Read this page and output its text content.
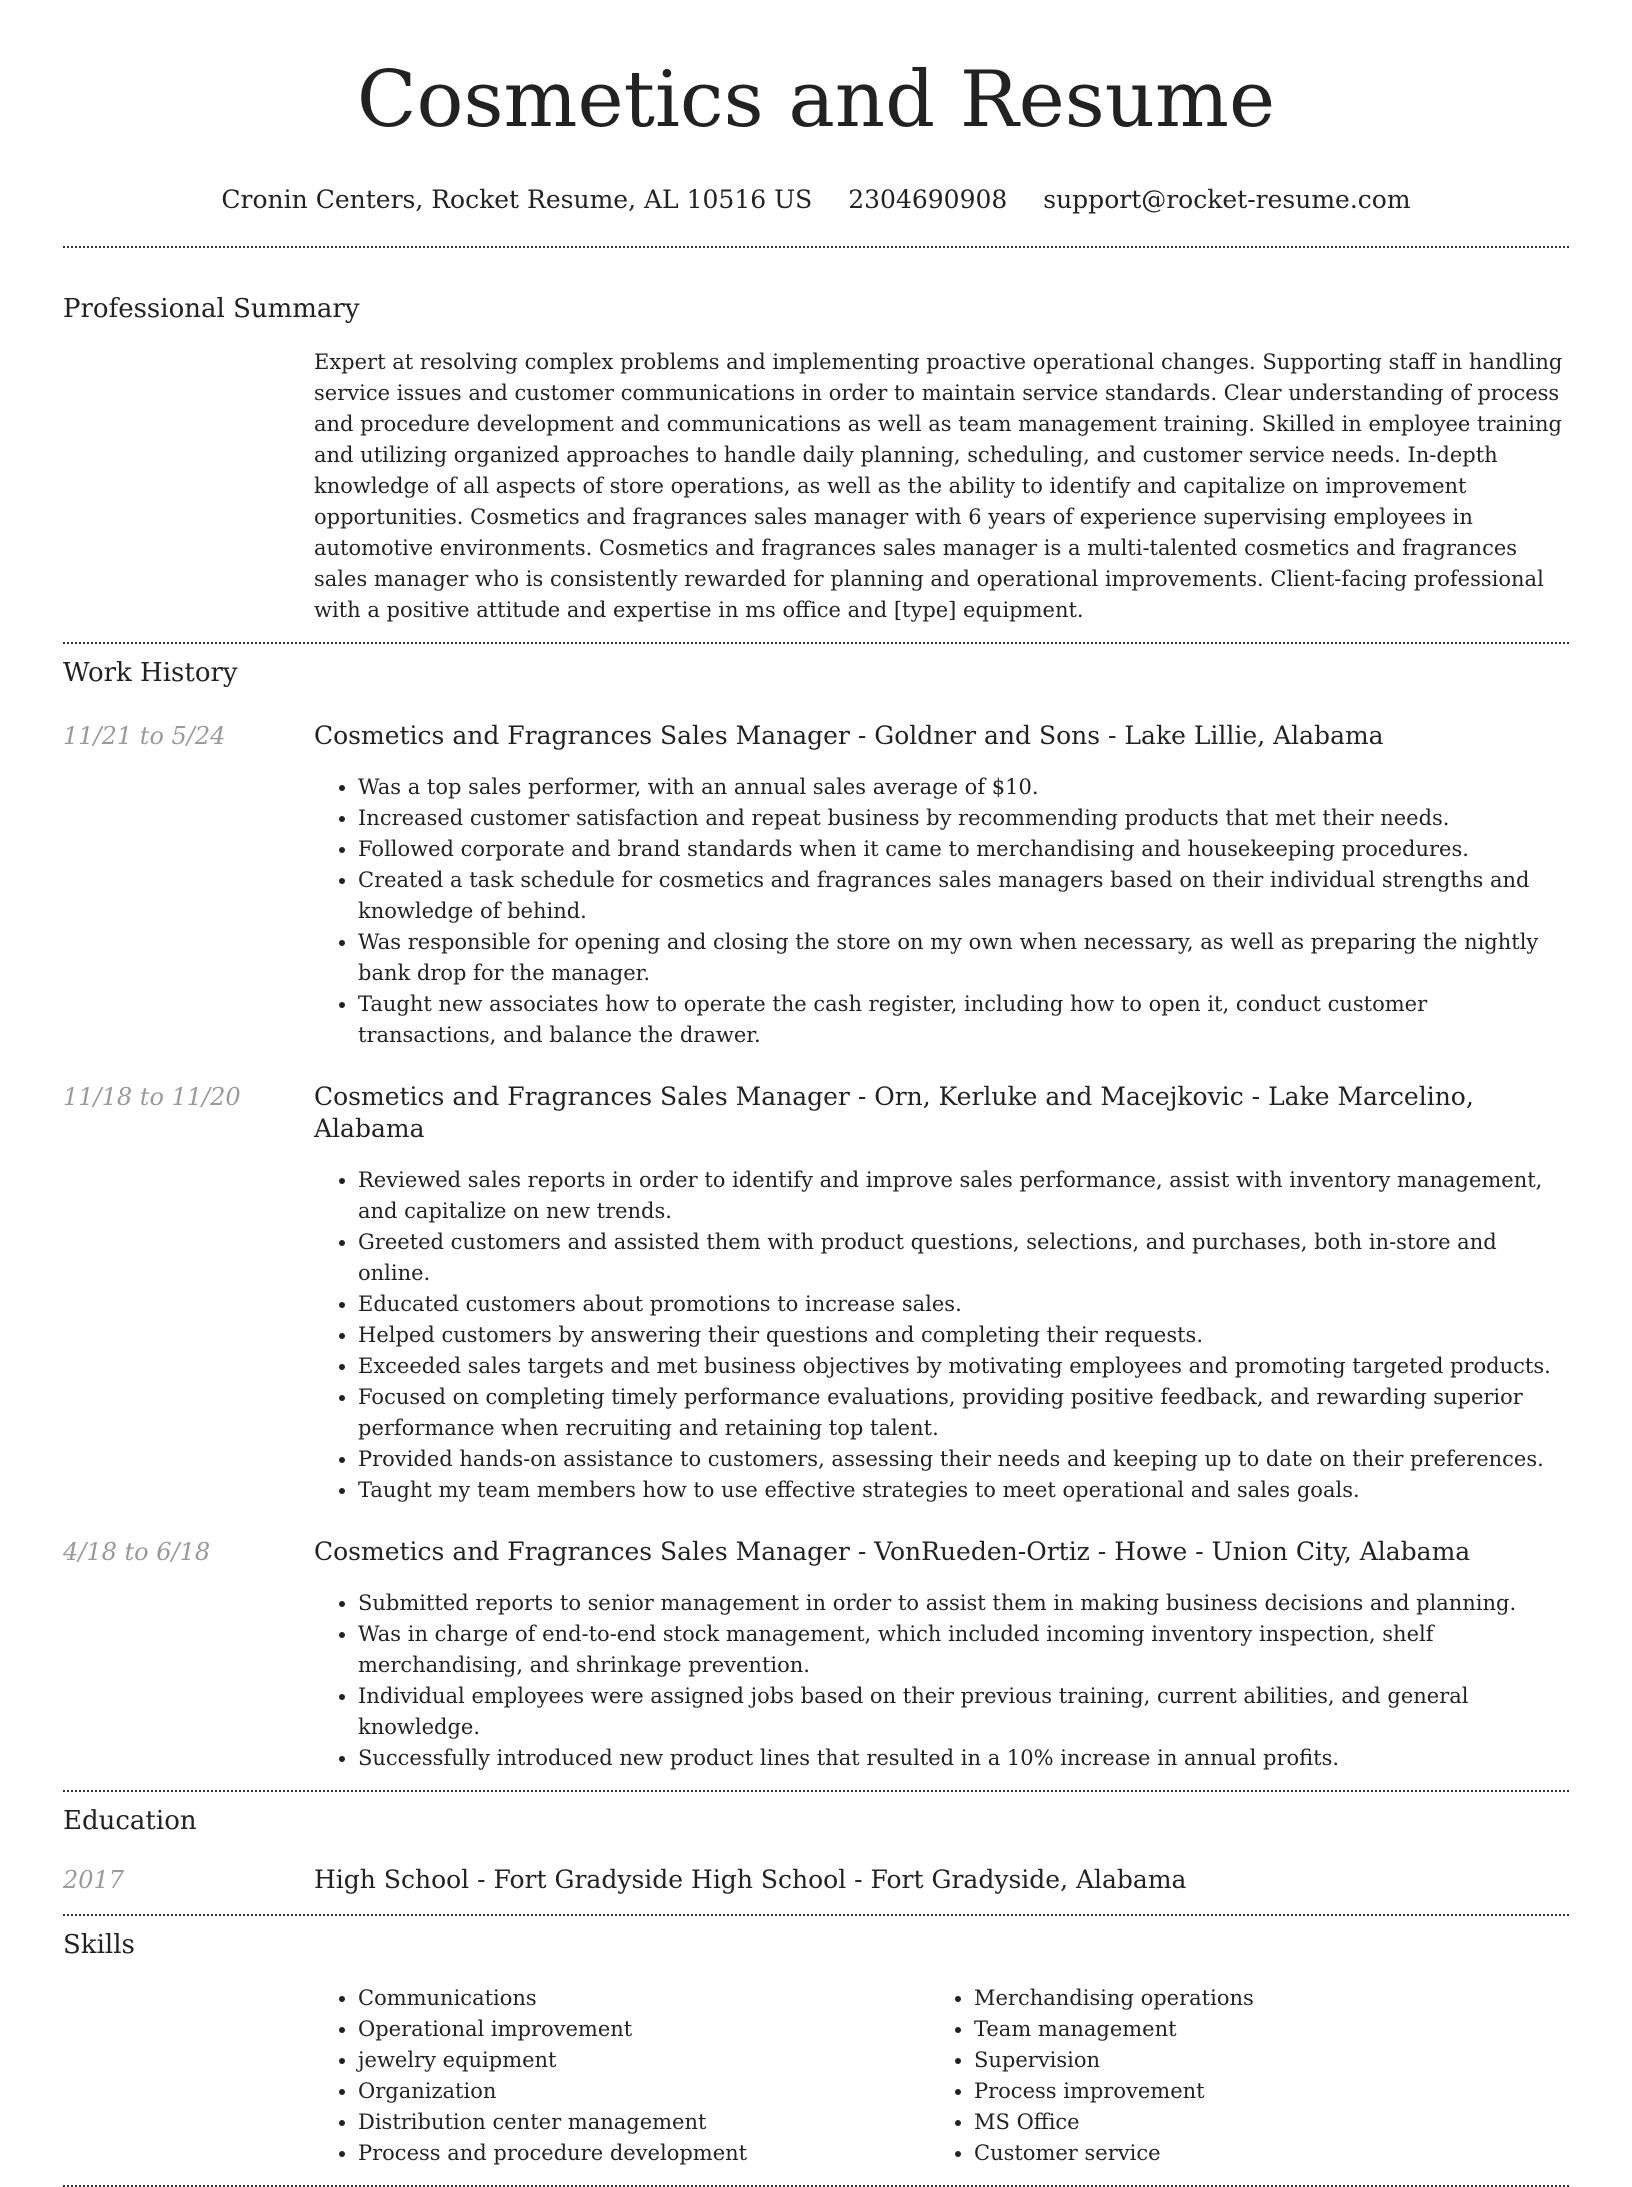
Cosmetics and Resume
Cronin Centers, Rocket Resume, AL 10516 US 2304690908 support@rocket-resume.com
Professional Summary
Expert at resolving complex problems and implementing proactive operational changes. Supporting staff in handling service issues and customer communications in order to maintain service standards. Clear understanding of process and procedure development and communications as well as team management training. Skilled in employee training and utilizing organized approaches to handle daily planning, scheduling, and customer service needs. In-depth knowledge of all aspects of store operations, as well as the ability to identify and capitalize on improvement opportunities. Cosmetics and fragrances sales manager with 6 years of experience supervising employees in automotive environments. Cosmetics and fragrances sales manager is a multi-talented cosmetics and fragrances sales manager who is consistently rewarded for planning and operational improvements. Client-facing professional with a positive attitude and expertise in ms office and [type] equipment.
Work History
11/21 to 5/24	Cosmetics and Fragrances Sales Manager - Goldner and Sons - Lake Lillie, Alabama
• Was a top sales performer, with an annual sales average of $10.
• Increased customer satisfaction and repeat business by recommending products that met their needs.
• Followed corporate and brand standards when it came to merchandising and housekeeping procedures.
• Created a task schedule for cosmetics and fragrances sales managers based on their individual strengths and knowledge of behind.
• Was responsible for opening and closing the store on my own when necessary, as well as preparing the nightly bank drop for the manager.
• Taught new associates how to operate the cash register, including how to open it, conduct customer transactions, and balance the drawer.
11/18 to 11/20	Cosmetics and Fragrances Sales Manager - Orn, Kerluke and Macejkovic - Lake Marcelino, Alabama
• Reviewed sales reports in order to identify and improve sales performance, assist with inventory management, and capitalize on new trends.
• Greeted customers and assisted them with product questions, selections, and purchases, both in-store and online.
• Educated customers about promotions to increase sales.
• Helped customers by answering their questions and completing their requests.
• Exceeded sales targets and met business objectives by motivating employees and promoting targeted products.
• Focused on completing timely performance evaluations, providing positive feedback, and rewarding superior performance when recruiting and retaining top talent.
• Provided hands-on assistance to customers, assessing their needs and keeping up to date on their preferences.
• Taught my team members how to use effective strategies to meet operational and sales goals.
4/18 to 6/18	Cosmetics and Fragrances Sales Manager - VonRueden-Ortiz - Howe - Union City, Alabama
• Submitted reports to senior management in order to assist them in making business decisions and planning.
• Was in charge of end-to-end stock management, which included incoming inventory inspection, shelf merchandising, and shrinkage prevention.
• Individual employees were assigned jobs based on their previous training, current abilities, and general knowledge.
• Successfully introduced new product lines that resulted in a 10% increase in annual profits.
Education
2017	High School - Fort Gradyside High School - Fort Gradyside, Alabama
Skills
• Communications
• Operational improvement
• jewelry equipment
• Organization
• Distribution center management
• Process and procedure development
• Merchandising operations
• Team management
• Supervision
• Process improvement
• MS Office
• Customer service
